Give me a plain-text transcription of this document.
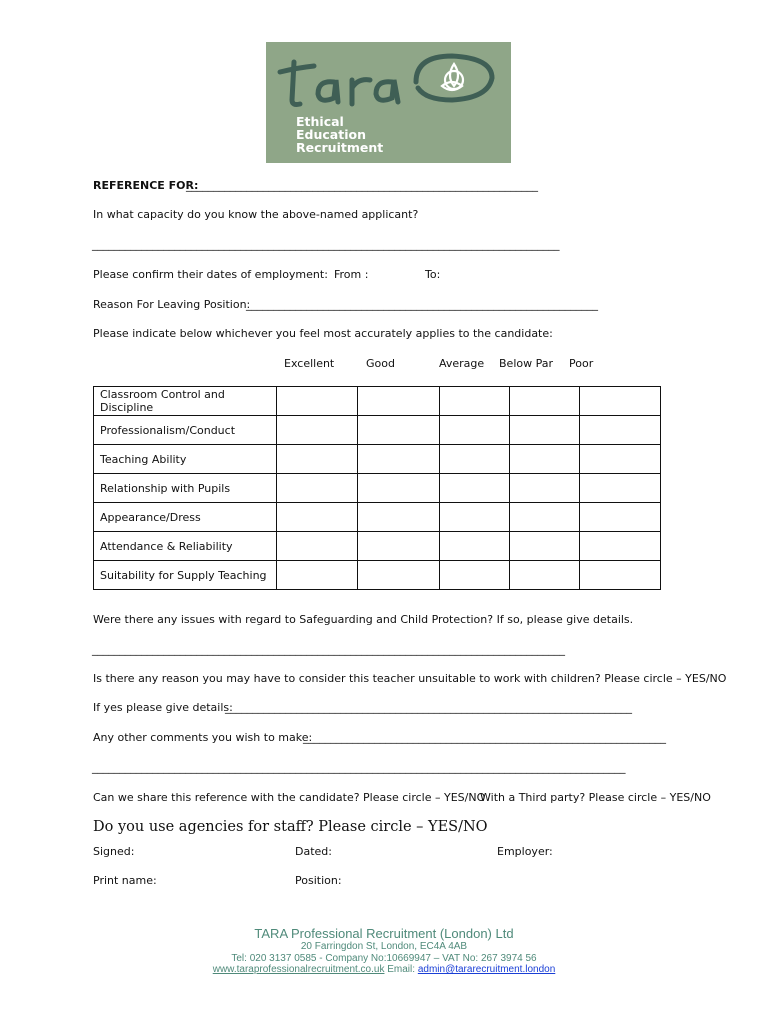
Ethical
Education
Recruitment
REFERENCE FOR:
________________________________________________________________
In what capacity do you know the above-named applicant?
_____________________________________________________________________________________
Please confirm their dates of employment: From :	To:
Reason For Leaving Position:
________________________________________________________________
Please indicate below whichever you feel most accurately applies to the candidate:
Excellent	Good	Average Below Par Poor
Classroom Control and Discipline					
Professionalism/Conduct					
Teaching Ability					
Relationship with Pupils					
Appearance/Dress					
Attendance & Reliability					
Suitability for Supply Teaching					
Were there any issues with regard to Safeguarding and Child Protection? If so, please give details.
______________________________________________________________________________________
Is there any reason you may have to consider this teacher unsuitable to work with children? Please circle – YES/NO
If yes please give details:
__________________________________________________________________________
Any other comments you wish to make:
__________________________________________________________________
_________________________________________________________________________________________________
Can we share this reference with the candidate? Please circle – YES/NO
With a Third party? Please circle – YES/NO
Do you use agencies for staff? Please circle – YES/NO
Signed:	Dated:	Employer:
Print name:	Position:
TARA Professional Recruitment (London) Ltd
20 Farringdon St, London, EC4A 4AB
Tel: 020 3137 0585 - Company No:10669947 – VAT No: 267 3974 56
www.taraprofessionalrecruitment.co.uk Email: admin@tararecruitment.london
